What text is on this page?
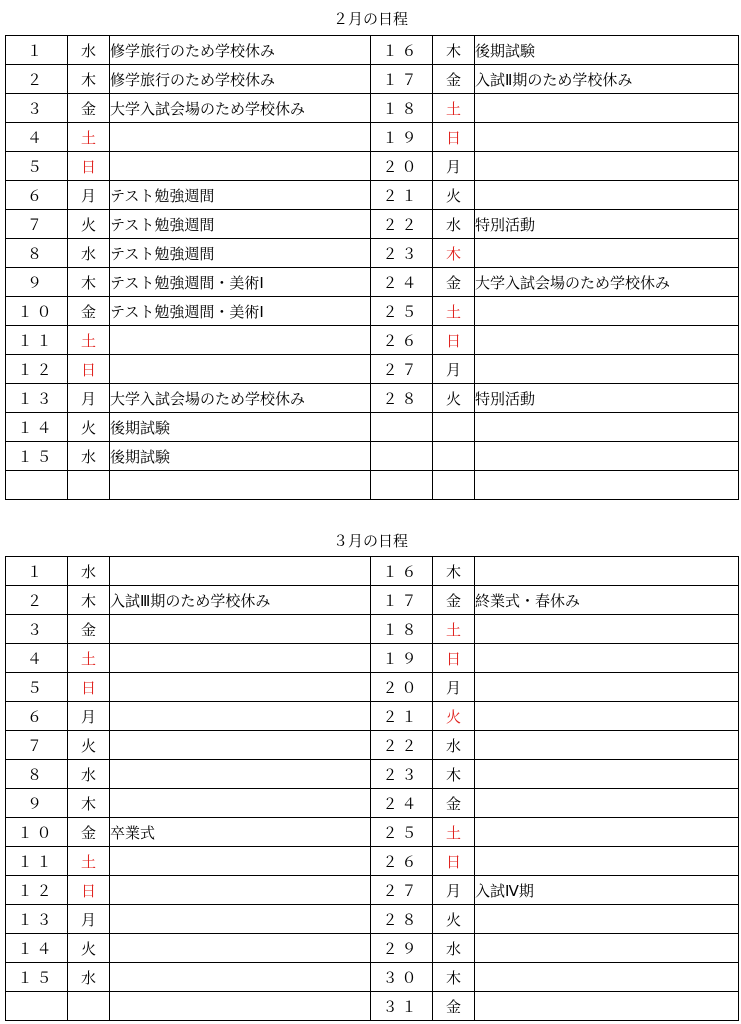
２月の日程
１	水	修学旅行のため学校休み	１６	木	後期試験
２	木	修学旅行のため学校休み	１７	金	入試Ⅱ期のため学校休み
３	金	大学入試会場のため学校休み	１８	土	
４	土		１９	日	
５	日		２０	月	
６	月	テスト勉強週間	２１	火	
７	火	テスト勉強週間	２２	水	特別活動
８	水	テスト勉強週間	２３	木	
９	木	テスト勉強週間・美術Ⅰ	２４	金	大学入試会場のため学校休み
１０	金	テスト勉強週間・美術Ⅰ	２５	土	
１１	土		２６	日	
１２	日		２７	月	
１３	月	大学入試会場のため学校休み	２８	火	特別活動
１４	火	後期試験			
１５	水	後期試験			

３月の日程
１	水		１６	木	
２	木	入試Ⅲ期のため学校休み	１７	金	終業式・春休み
３	金		１８	土	
４	土		１９	日	
５	日		２０	月	
６	月		２１	火	
７	火		２２	水	
８	水		２３	木	
９	木		２４	金	
１０	金	卒業式	２５	土	
１１	土		２６	日	
１２	日		２７	月	入試Ⅳ期
１３	月		２８	火	
１４	火		２９	水	
１５	水		３０	木	
			３１	金	
